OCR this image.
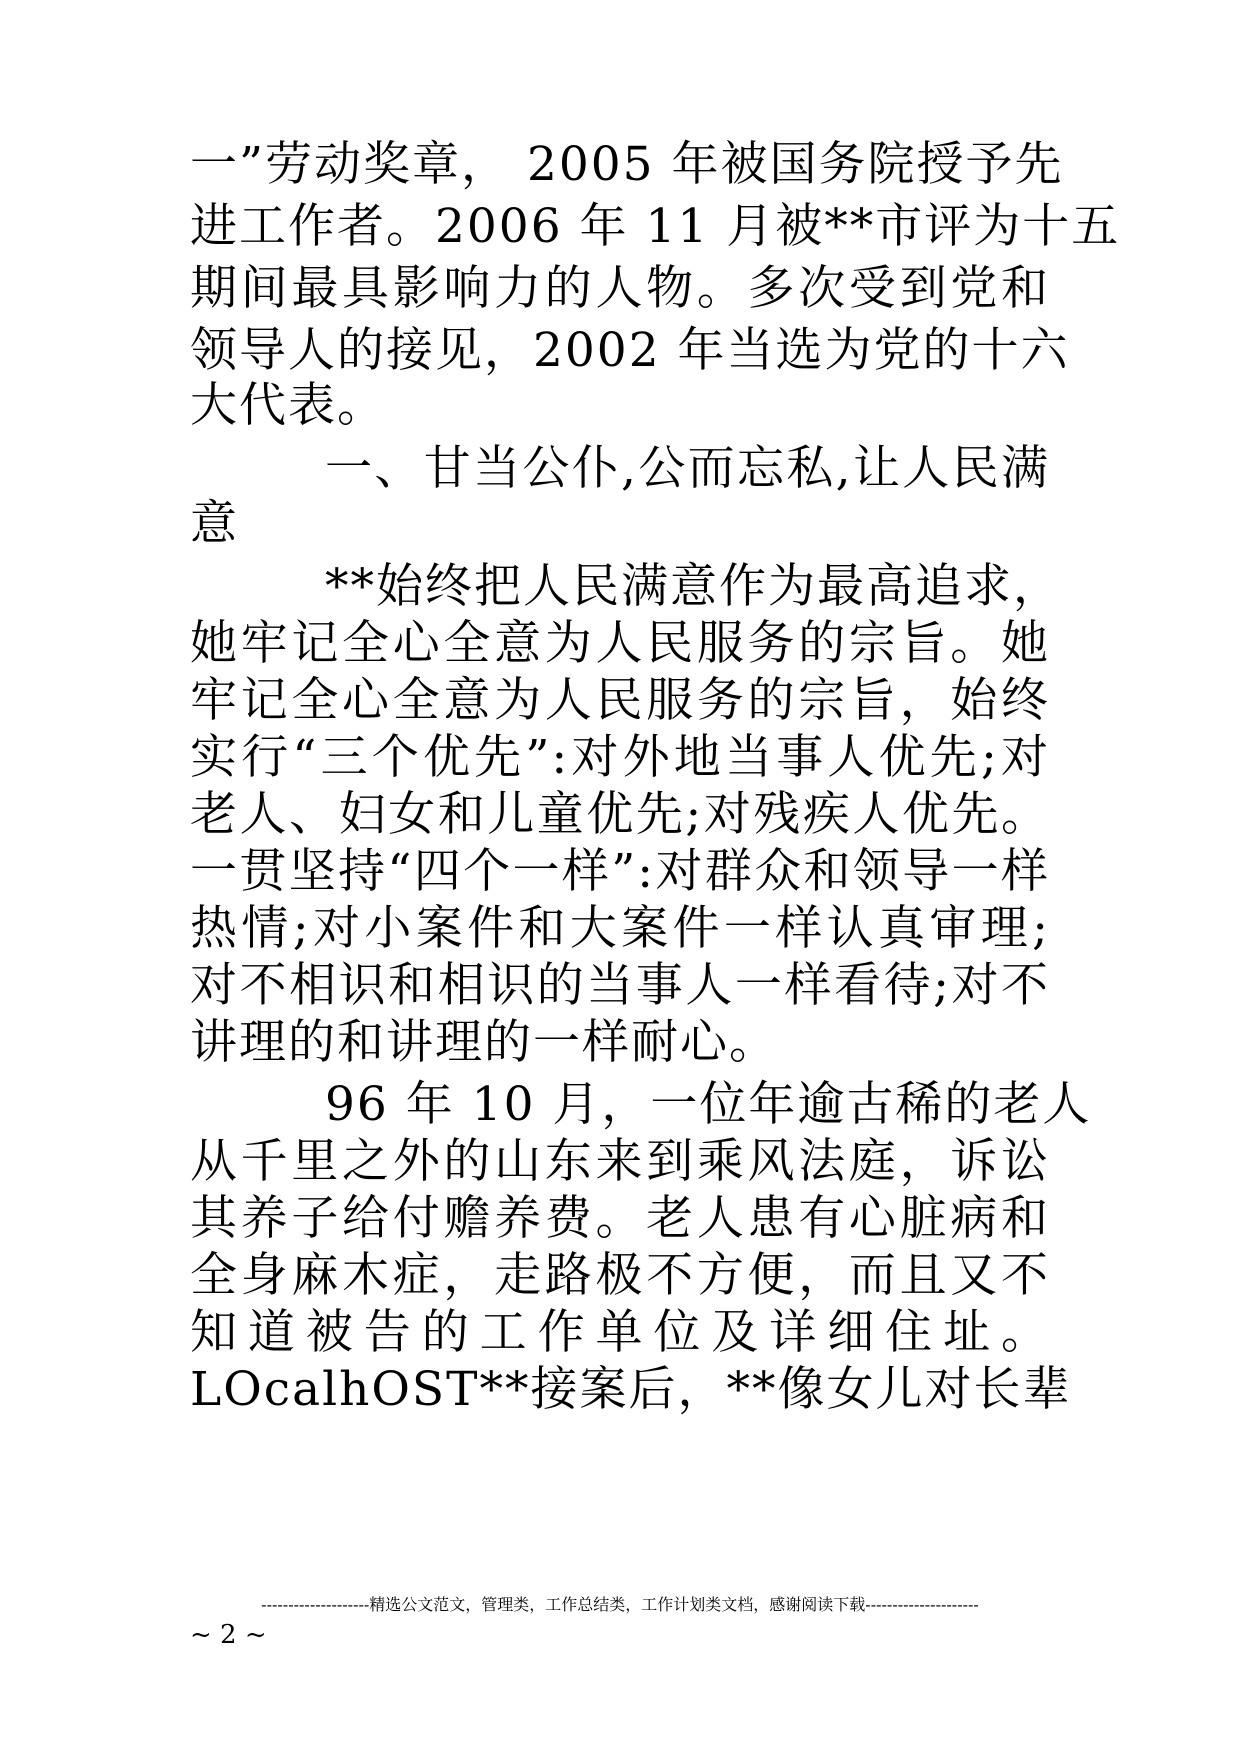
一”劳动奖章， 2005 年被国务院授予先
进工作者。2006 年 11 月被**市评为十五
期间最具影响力的人物。多次受到党和
领导人的接见，2002 年当选为党的十六
大代表。
一、甘当公仆,公而忘私,让人民满
意
**始终把人民满意作为最高追求，
她牢记全心全意为人民服务的宗旨。她
牢记全心全意为人民服务的宗旨，始终
实行“三个优先”:对外地当事人优先;对
老人、妇女和儿童优先;对残疾人优先。
一贯坚持“四个一样”:对群众和领导一样
热情;对小案件和大案件一样认真审理;
对不相识和相识的当事人一样看待;对不
讲理的和讲理的一样耐心。
96 年 10 月，一位年逾古稀的老人
从千里之外的山东来到乘风法庭，诉讼
其养子给付赡养费。老人患有心脏病和
全身麻木症，走路极不方便，而且又不
知道被告的工作单位及详细住址。
LOcalhOST**接案后，**像女儿对长辈
--------------------精选公文范文，管理类，工作总结类，工作计划类文档，感谢阅读下载---------------------
~ 2 ~
